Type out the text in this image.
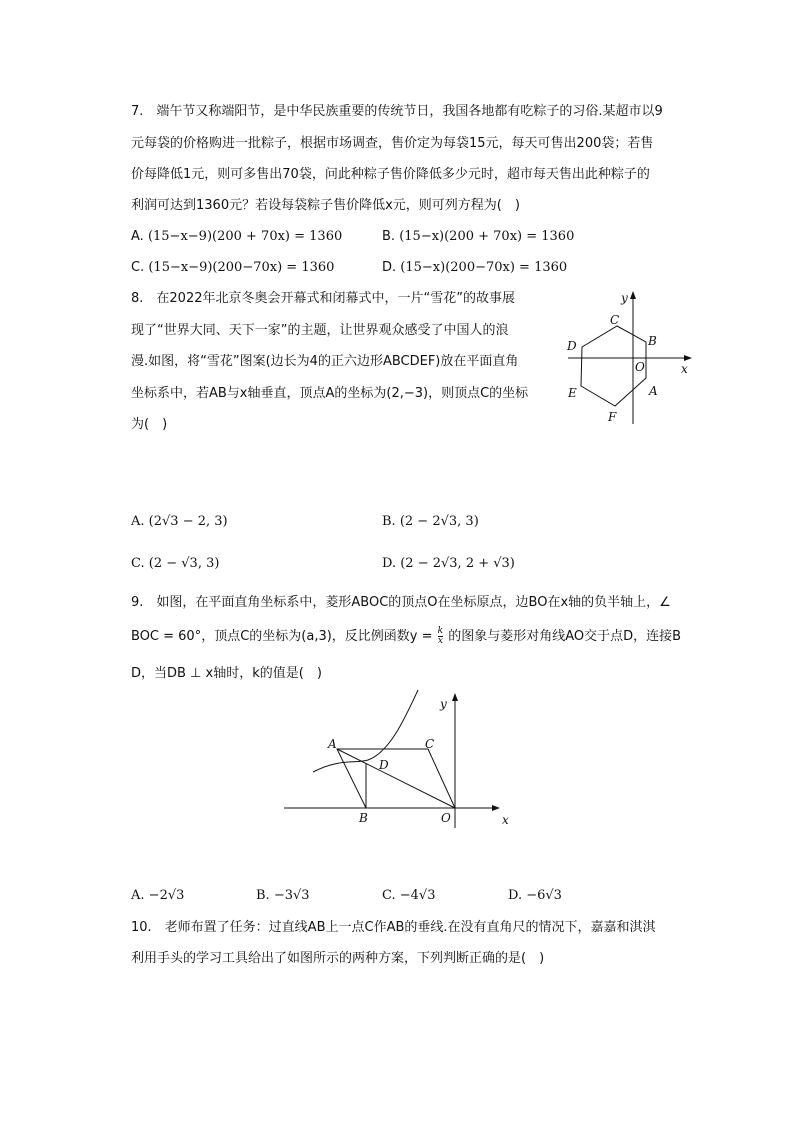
7.　端午节又称端阳节，是中华民族重要的传统节日，我国各地都有吃粽子的习俗.某超市以9
元每袋的价格购进一批粽子，根据市场调查，售价定为每袋15元，每天可售出200袋；若售
价每降低1元，则可多售出70袋，问此种粽子售价降低多少元时，超市每天售出此种粽子的
利润可达到1360元？若设每袋粽子售价降低x元，则可列方程为(　)
A. (15−x−9)(200 + 70x) = 1360	B. (15−x)(200 + 70x) = 1360
C. (15−x−9)(200−70x) = 1360	D. (15−x)(200−70x) = 1360
8.　在2022年北京冬奥会开幕式和闭幕式中，一片“雪花”的故事展
现了“世界大同、天下一家”的主题，让世界观众感受了中国人的浪
漫.如图，将“雪花”图案(边长为4的正六边形ABCDEF)放在平面直角
坐标系中，若AB与x轴垂直，顶点A的坐标为(2,−3)，则顶点C的坐标
为(　)
y
x
C
B
D
O
E	A
F
A. (2√3 − 2, 3)	B. (2 − 2√3, 3)
C. (2 − √3, 3)	D. (2 − 2√3, 2 + √3)
9.　如图，在平面直角坐标系中，菱形ABOC的顶点O在坐标原点，边BO在x轴的负半轴上，∠
BOC = 60°，顶点C的坐标为(a,3)，反比例函数$y = \frac{k}{x}$ 的图象与菱形对角线AO交于点D，连接B
D，当DB ⊥ x轴时，k的值是(　)
A	C
D
B	O
y
x
A. −2√3	B. −3√3	C. −4√3	D. −6√3
10.　老师布置了任务：过直线AB上一点C作AB的垂线.在没有直角尺的情况下，嘉嘉和淇淇
利用手头的学习工具给出了如图所示的两种方案，下列判断正确的是(　)
